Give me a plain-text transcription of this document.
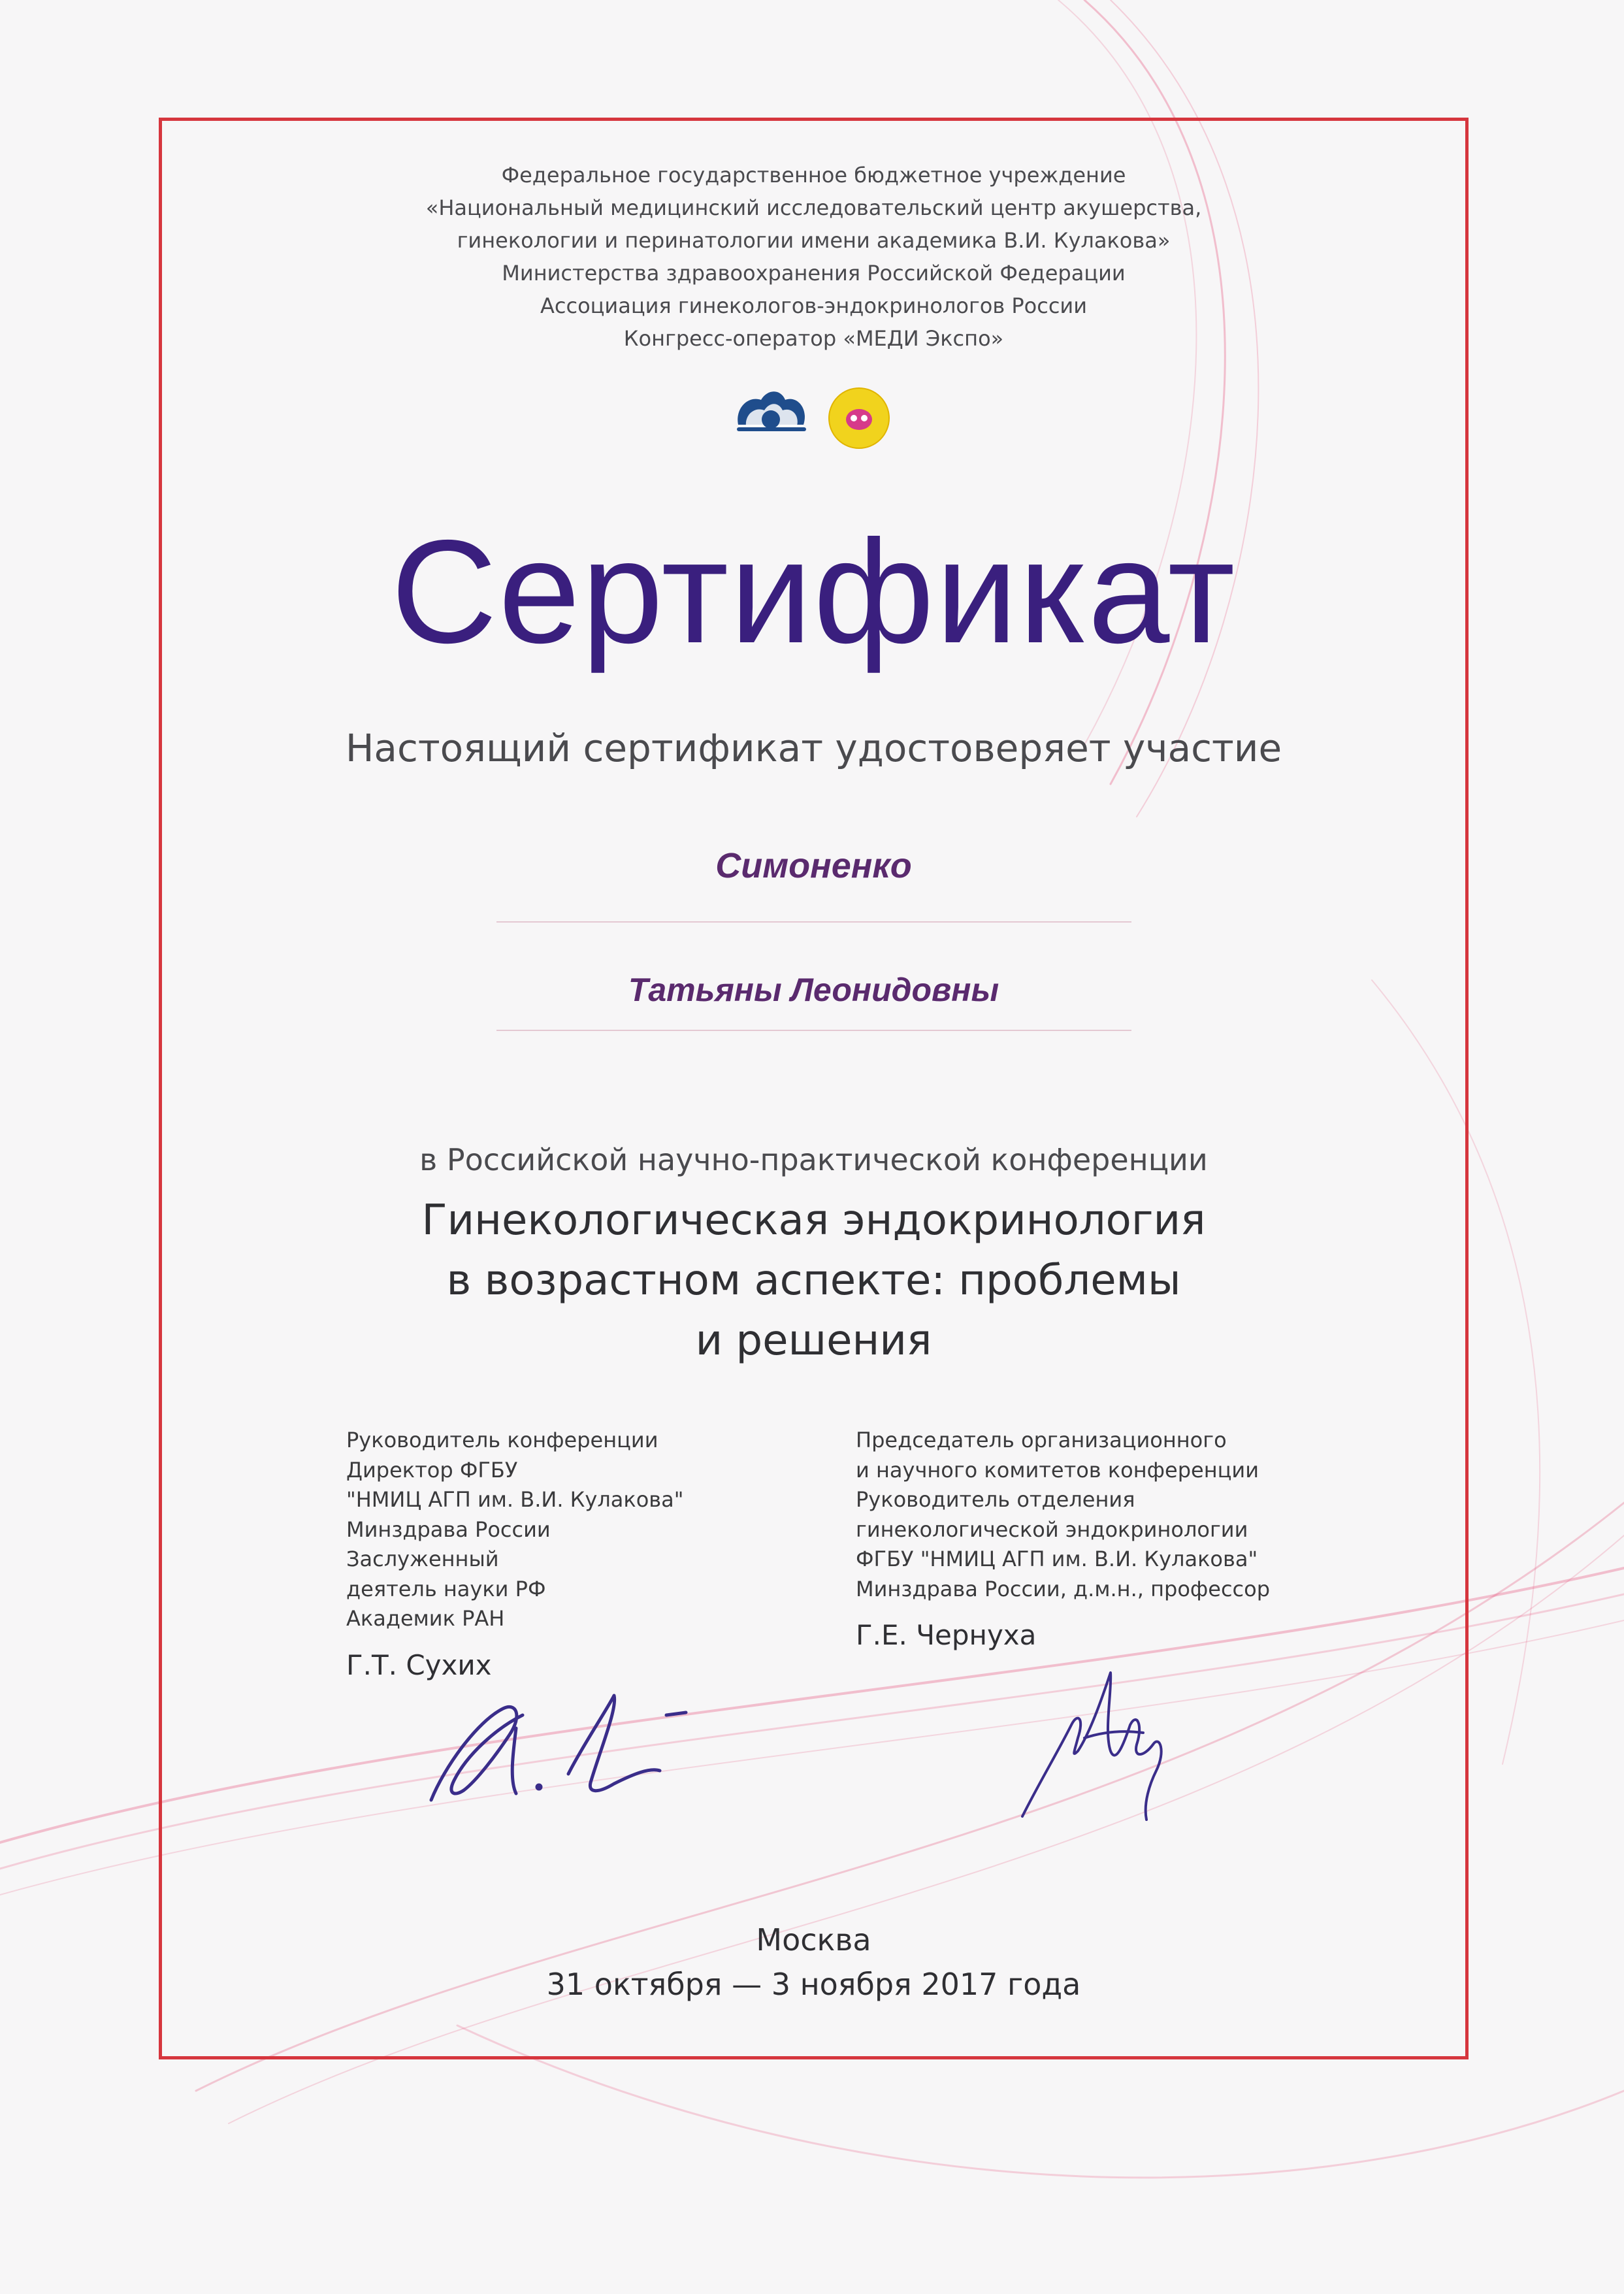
Федеральное государственное бюджетное учреждение
«Национальный медицинский исследовательский центр акушерства,
гинекологии и перинатологии имени академика В.И. Кулакова»
Министерства здравоохранения Российской Федерации
Ассоциация гинекологов-эндокринологов России
Конгресс-оператор «МЕДИ Экспо»
Сертификат
Настоящий сертификат удостоверяет участие
Симоненко
Татьяны Леонидовны
в Российской научно-практической конференции
Гинекологическая эндокринология
в возрастном аспекте: проблемы
и решения
Руководитель конференции
Директор ФГБУ
"НМИЦ АГП им. В.И. Кулакова"
Минздрава России
Заслуженный
деятель науки РФ
Академик РАН
Г.Т. Сухих
Председатель организационного
и научного комитетов конференции
Руководитель отделения
гинекологической эндокринологии
ФГБУ "НМИЦ АГП им. В.И. Кулакова"
Минздрава России, д.м.н., профессор
Г.Е. Чернуха
Москва
31 октября — 3 ноября 2017 года
